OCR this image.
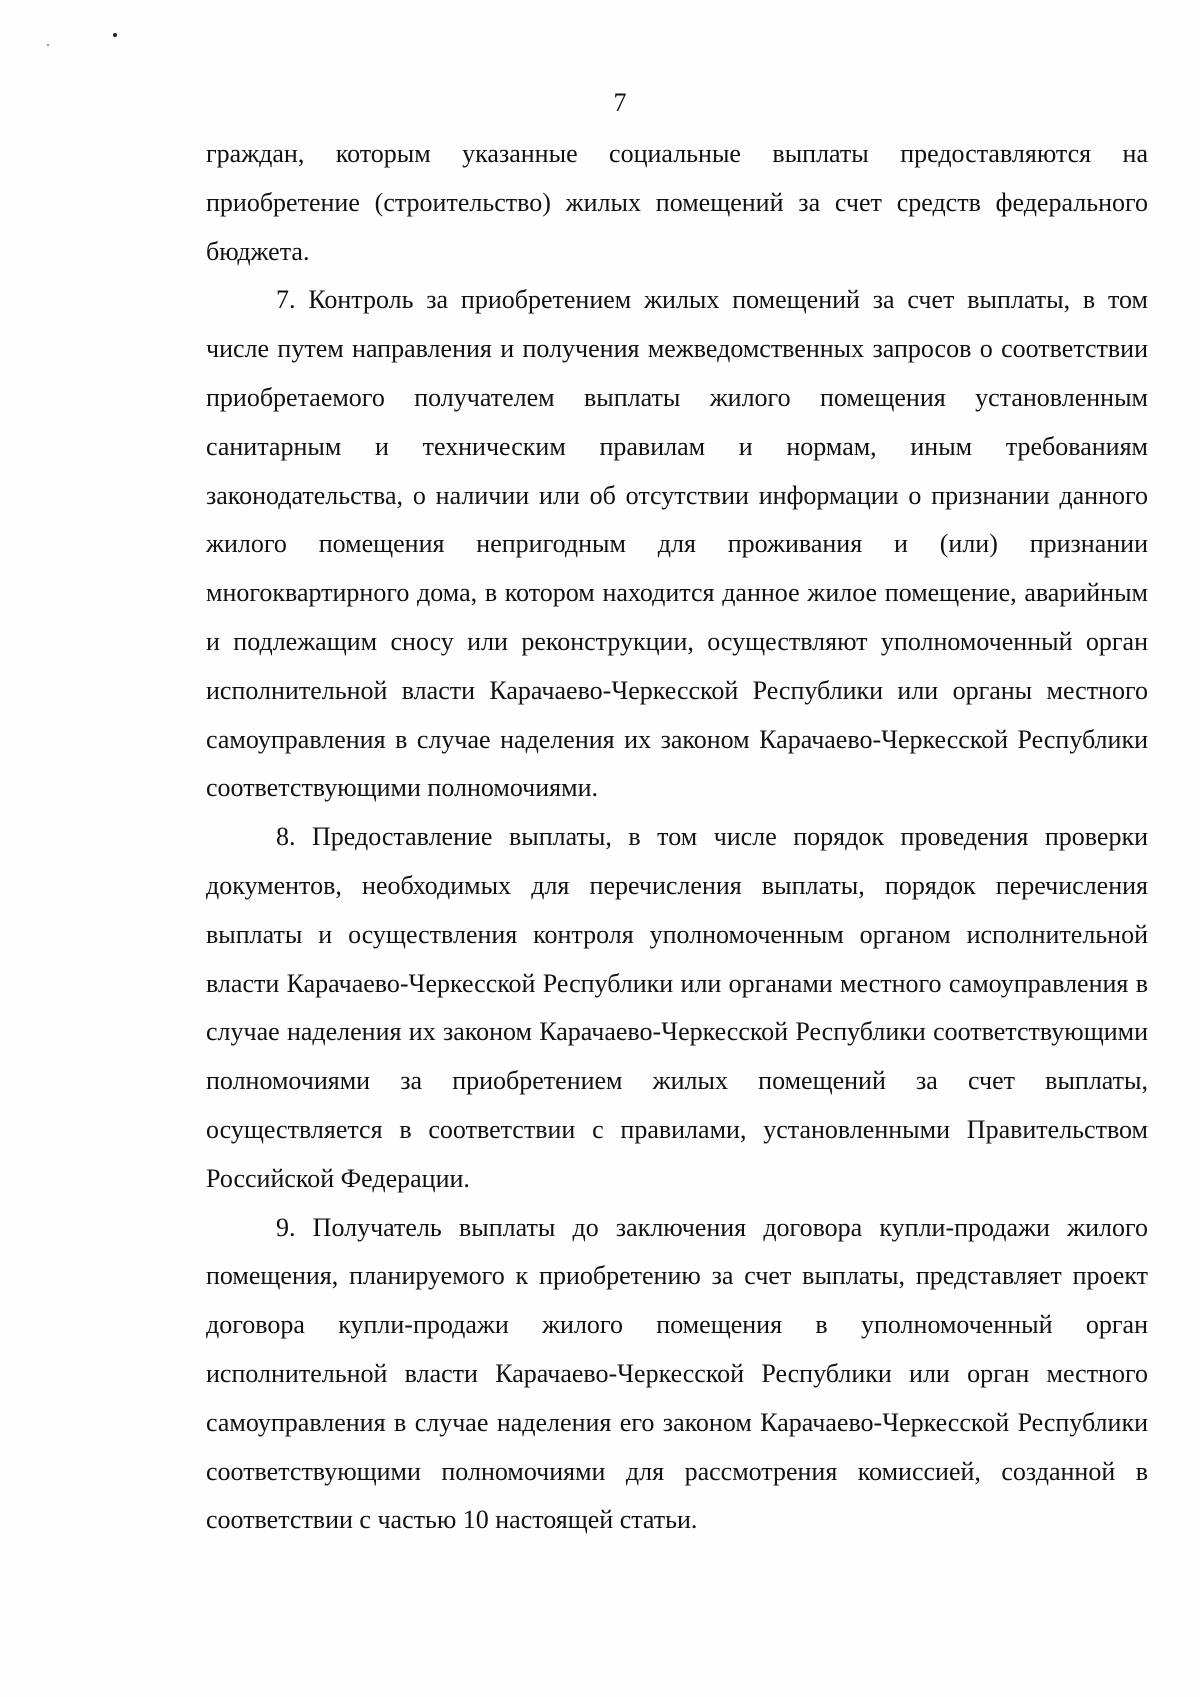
7

граждан, которым указанные социальные выплаты предоставляются на приобретение (строительство) жилых помещений за счет средств федерального бюджета.

7. Контроль за приобретением жилых помещений за счет выплаты, в том числе путем направления и получения межведомственных запросов о соответствии приобретаемого получателем выплаты жилого помещения установленным санитарным и техническим правилам и нормам, иным требованиям законодательства, о наличии или об отсутствии информации о признании данного жилого помещения непригодным для проживания и (или) признании многоквартирного дома, в котором находится данное жилое помещение, аварийным и подлежащим сносу или реконструкции, осуществляют уполномоченный орган исполнительной власти Карачаево-Черкесской Республики или органы местного самоуправления в случае наделения их законом Карачаево-Черкесской Республики соответствующими полномочиями.

8. Предоставление выплаты, в том числе порядок проведения проверки документов, необходимых для перечисления выплаты, порядок перечисления выплаты и осуществления контроля уполномоченным органом исполнительной власти Карачаево-Черкесской Республики или органами местного самоуправления в случае наделения их законом Карачаево-Черкесской Республики соответствующими полномочиями за приобретением жилых помещений за счет выплаты, осуществляется в соответствии с правилами, установленными Правительством Российской Федерации.

9. Получатель выплаты до заключения договора купли-продажи жилого помещения, планируемого к приобретению за счет выплаты, представляет проект договора купли-продажи жилого помещения в уполномоченный орган исполнительной власти Карачаево-Черкесской Республики или орган местного самоуправления в случае наделения его законом Карачаево-Черкесской Республики соответствующими полномочиями для рассмотрения комиссией, созданной в соответствии с частью 10 настоящей статьи.
